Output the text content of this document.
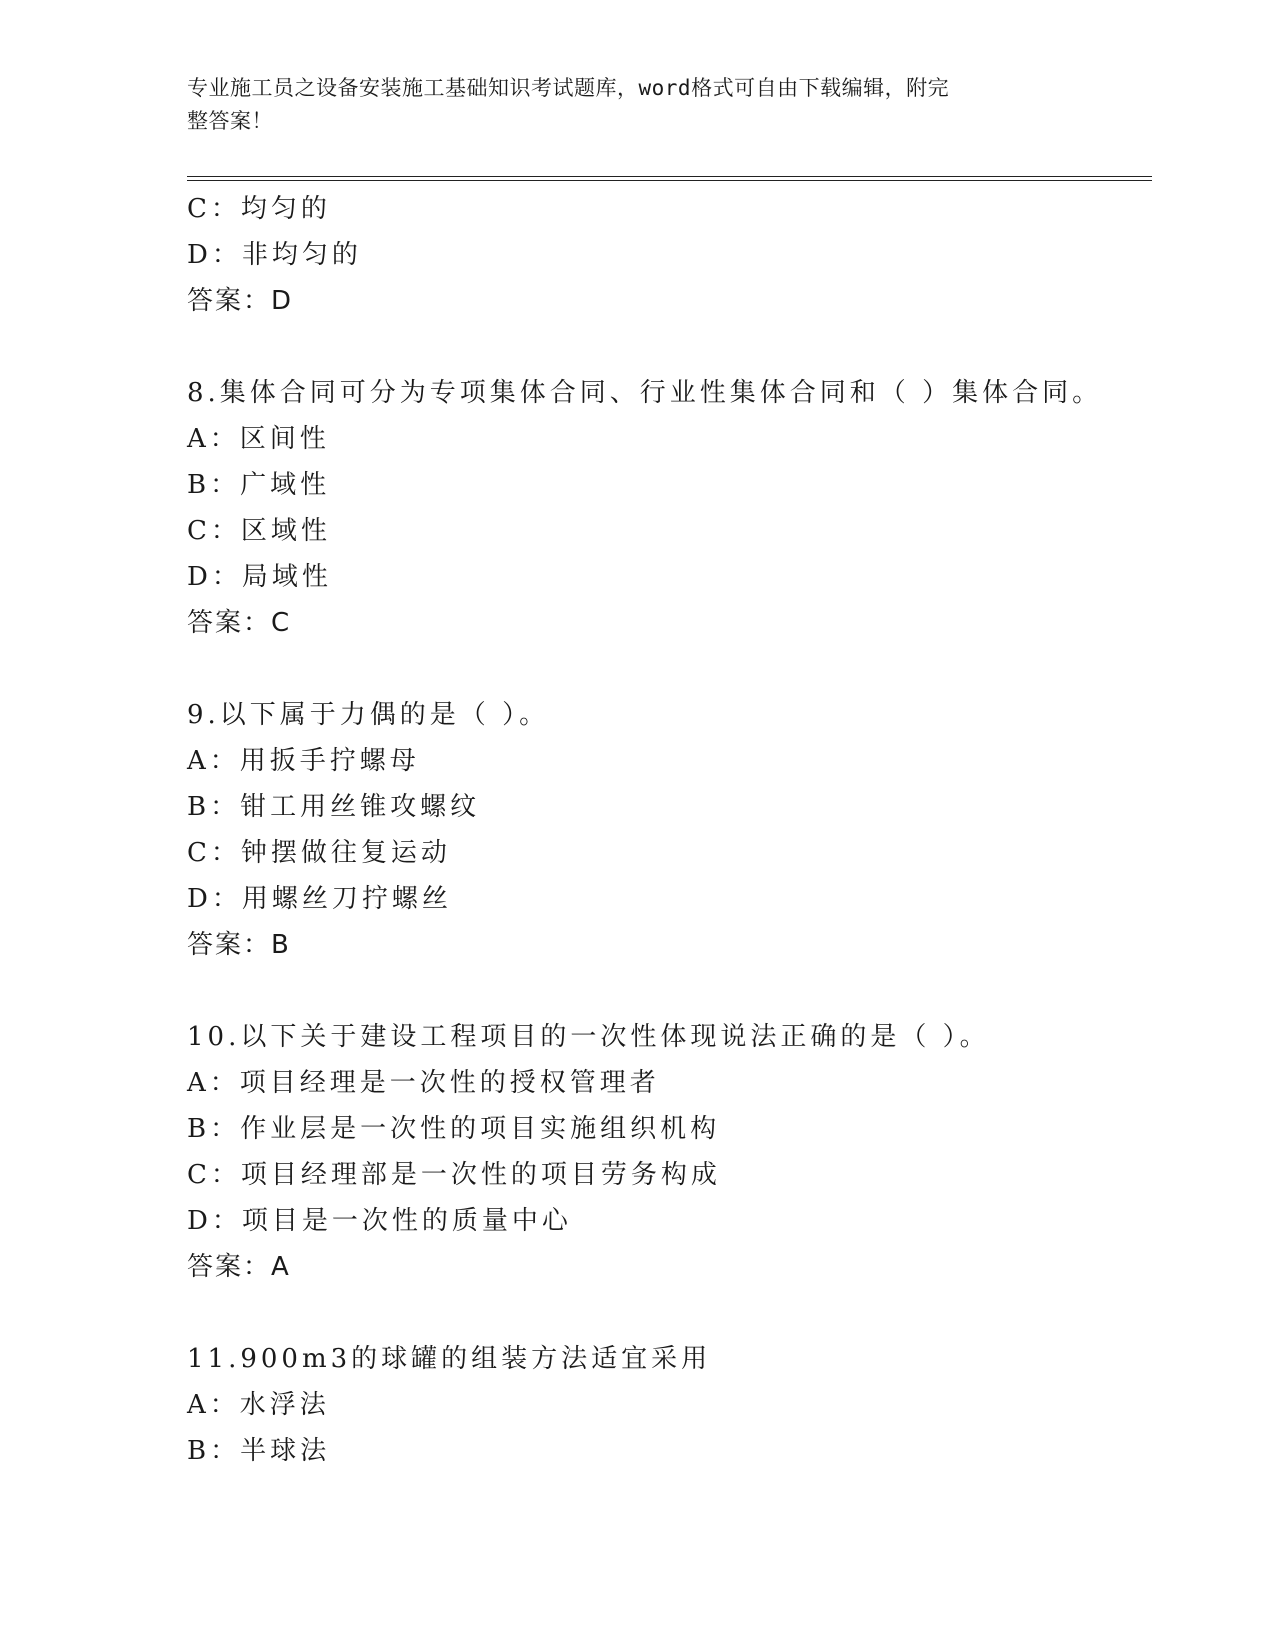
专业施工员之设备安装施工基础知识考试题库，word格式可自由下载编辑，附完
整答案！
C：均匀的
D：非均匀的
答案：D
8.集体合同可分为专项集体合同、行业性集体合同和（ ）集体合同。
A：区间性
B：广域性
C：区域性
D：局域性
答案：C
9.以下属于力偶的是（ ）。
A：用扳手拧螺母
B：钳工用丝锥攻螺纹
C：钟摆做往复运动
D：用螺丝刀拧螺丝
答案：B
10.以下关于建设工程项目的一次性体现说法正确的是（ ）。
A：项目经理是一次性的授权管理者
B：作业层是一次性的项目实施组织机构
C：项目经理部是一次性的项目劳务构成
D：项目是一次性的质量中心
答案：A
11.900m3的球罐的组装方法适宜采用
A：水浮法
B：半球法
